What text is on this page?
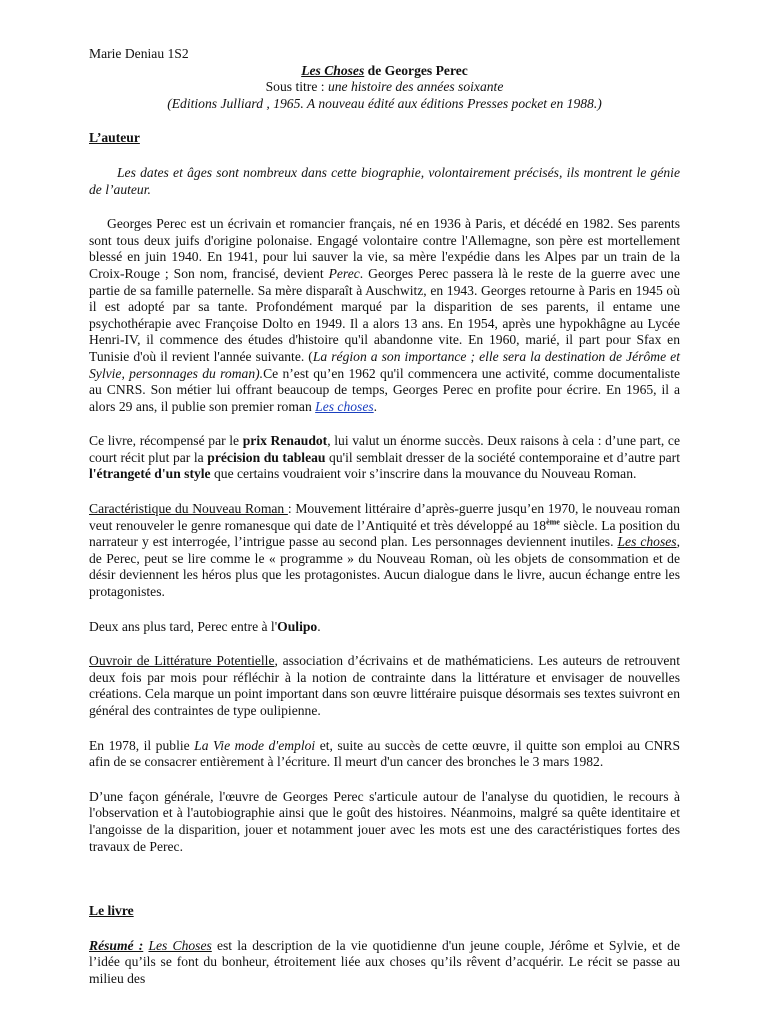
Marie Deniau 1S2

Les Choses de Georges Perec

Sous titre : une histoire des années soixante

(Editions Julliard , 1965. A nouveau édité aux éditions Presses pocket en 1988.)

L’auteur

Les dates et âges sont nombreux dans cette biographie, volontairement précisés, ils montrent le génie de l’auteur.

Georges Perec est un écrivain et romancier français, né en 1936 à Paris, et décédé en 1982. Ses parents sont tous deux juifs d'origine polonaise. Engagé volontaire contre l'Allemagne, son père est mortellement blessé en juin 1940. En 1941, pour lui sauver la vie, sa mère l'expédie dans les Alpes par un train de la Croix-Rouge ; Son nom, francisé, devient Perec. Georges Perec passera là le reste de la guerre avec une partie de sa famille paternelle. Sa mère disparaît à Auschwitz, en 1943. Georges retourne à Paris en 1945 où il est adopté par sa tante. Profondément marqué par la disparition de ses parents, il entame une psychothérapie avec Françoise Dolto en 1949. Il a alors 13 ans. En 1954, après une hypokhâgne au Lycée Henri-IV, il commence des études d'histoire qu'il abandonne vite. En 1960, marié, il part pour Sfax en Tunisie d'où il revient l'année suivante. (La région a son importance ; elle sera la destination de Jérôme et Sylvie, personnages du roman).Ce n’est qu’en 1962 qu'il commencera une activité, comme documentaliste au CNRS. Son métier lui offrant beaucoup de temps, Georges Perec en profite pour écrire. En 1965, il a alors 29 ans, il publie son premier roman Les choses.

Ce livre, récompensé par le prix Renaudot, lui valut un énorme succès. Deux raisons à cela : d’une part, ce court récit plut par la précision du tableau qu'il semblait dresser de la société contemporaine et d’autre part l'étrangeté d'un style que certains voudraient voir s’inscrire dans la mouvance du Nouveau Roman.

Caractéristique du Nouveau Roman : Mouvement littéraire d’après-guerre jusqu’en 1970, le nouveau roman veut renouveler le genre romanesque qui date de l’Antiquité et très développé au 18ème siècle. La position du narrateur y est interrogée, l’intrigue passe au second plan. Les personnages deviennent inutiles. Les choses, de Perec, peut se lire comme le « programme » du Nouveau Roman, où les objets de consommation et de désir deviennent les héros plus que les protagonistes. Aucun dialogue dans le livre, aucun échange entre les protagonistes.

Deux ans plus tard, Perec entre à l'Oulipo.

Ouvroir de Littérature Potentielle, association d’écrivains et de mathématiciens. Les auteurs de retrouvent deux fois par mois pour réfléchir à la notion de contrainte dans la littérature et envisager de nouvelles créations. Cela marque un point important dans son œuvre littéraire puisque désormais ses textes suivront en général des contraintes de type oulipienne.

En 1978, il publie La Vie mode d'emploi et, suite au succès de cette œuvre, il quitte son emploi au CNRS afin de se consacrer entièrement à l’écriture. Il meurt d'un cancer des bronches le 3 mars 1982.

D’une façon générale, l'œuvre de Georges Perec s'articule autour de l'analyse du quotidien, le recours à l'observation et à l'autobiographie ainsi que le goût des histoires. Néanmoins, malgré sa quête identitaire et l'angoisse de la disparition, jouer et notamment jouer avec les mots est une des caractéristiques fortes des travaux de Perec.

Le livre

Résumé : Les Choses est la description de la vie quotidienne d'un jeune couple, Jérôme et Sylvie, et de l’idée qu’ils se font du bonheur, étroitement liée aux choses qu’ils rêvent d’acquérir. Le récit se passe au milieu des
